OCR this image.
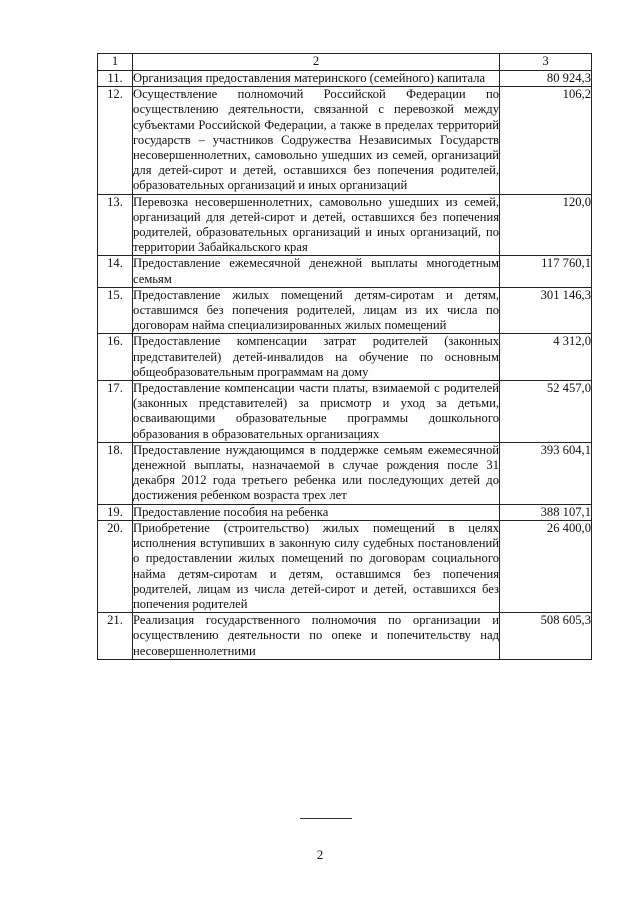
1	2	3
11.	Организация предоставления материнского (семейного) капитала	80 924,3
12.	Осуществление полномочий Российской Федерации по осуществлению деятельности, связанной с перевозкой между субъектами Российской Федерации, а также в пределах территорий государств – участников Содружества Независимых Государств несовершеннолетних, самовольно ушедших из семей, организаций для детей-сирот и детей, оставшихся без попечения родителей, образовательных организаций и иных организаций	106,2
13.	Перевозка несовершеннолетних, самовольно ушедших из семей, организаций для детей-сирот и детей, оставшихся без попечения родителей, образовательных организаций и иных организаций, по территории Забайкальского края	120,0
14.	Предоставление ежемесячной денежной выплаты многодетным семьям	117 760,1
15.	Предоставление жилых помещений детям-сиротам и детям, оставшимся без попечения родителей, лицам из их числа по договорам найма специализированных жилых помещений	301 146,3
16.	Предоставление компенсации затрат родителей (законных представителей) детей-инвалидов на обучение по основным общеобразовательным программам на дому	4 312,0
17.	Предоставление компенсации части платы, взимаемой с родителей (законных представителей) за присмотр и уход за детьми, осваивающими образовательные программы дошкольного образования в образовательных организациях	52 457,0
18.	Предоставление нуждающимся в поддержке семьям ежемесячной денежной выплаты, назначаемой в случае рождения после 31 декабря 2012 года третьего ребенка или последующих детей до достижения ребенком возраста трех лет	393 604,1
19.	Предоставление пособия на ребенка	388 107,1
20.	Приобретение (строительство) жилых помещений в целях исполнения вступивших в законную силу судебных постановлений о предоставлении жилых помещений по договорам социального найма детям-сиротам и детям, оставшимся без попечения родителей, лицам из числа детей-сирот и детей, оставшихся без попечения родителей	26 400,0
21.	Реализация государственного полномочия по организации и осуществлению деятельности по опеке и попечительству над несовершеннолетними	508 605,3
2
